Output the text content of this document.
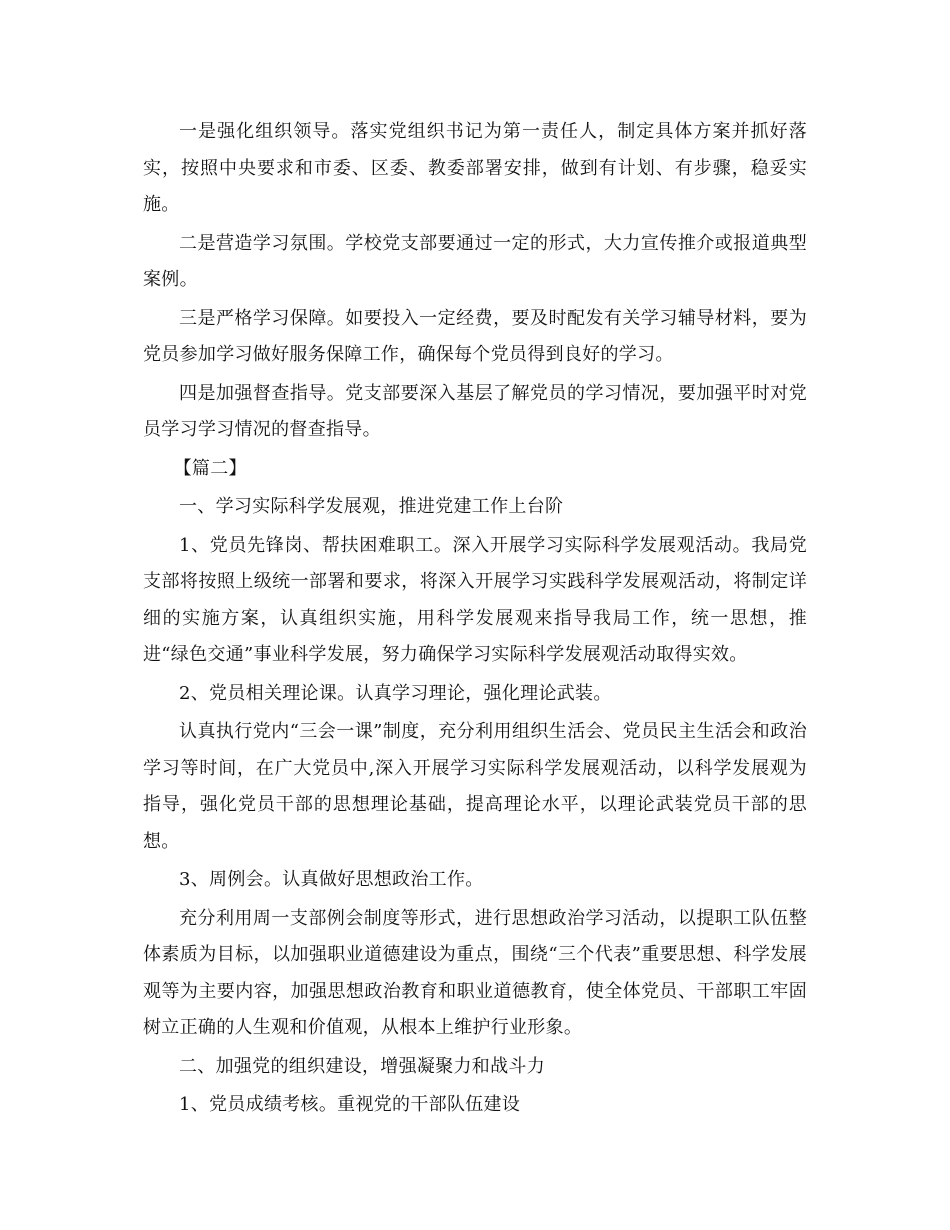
一是强化组织领导。落实党组织书记为第一责任人，制定具体方案并抓好落实，按照中央要求和市委、区委、教委部署安排，做到有计划、有步骤，稳妥实施。

二是营造学习氛围。学校党支部要通过一定的形式，大力宣传推介或报道典型案例。

三是严格学习保障。如要投入一定经费，要及时配发有关学习辅导材料，要为党员参加学习做好服务保障工作，确保每个党员得到良好的学习。

四是加强督查指导。党支部要深入基层了解党员的学习情况，要加强平时对党员学习学习情况的督查指导。

【篇二】

一、学习实际科学发展观，推进党建工作上台阶

1、党员先锋岗、帮扶困难职工。深入开展学习实际科学发展观活动。我局党支部将按照上级统一部署和要求，将深入开展学习实践科学发展观活动，将制定详细的实施方案，认真组织实施，用科学发展观来指导我局工作，统一思想，推进“绿色交通”事业科学发展，努力确保学习实际科学发展观活动取得实效。

2、党员相关理论课。认真学习理论，强化理论武装。

认真执行党内“三会一课”制度，充分利用组织生活会、党员民主生活会和政治学习等时间，在广大党员中,深入开展学习实际科学发展观活动，以科学发展观为指导，强化党员干部的思想理论基础，提高理论水平，以理论武装党员干部的思想。

3、周例会。认真做好思想政治工作。

充分利用周一支部例会制度等形式，进行思想政治学习活动，以提职工队伍整体素质为目标，以加强职业道德建设为重点，围绕“三个代表”重要思想、科学发展观等为主要内容，加强思想政治教育和职业道德教育，使全体党员、干部职工牢固树立正确的人生观和价值观，从根本上维护行业形象。

二、加强党的组织建设，增强凝聚力和战斗力

1、党员成绩考核。重视党的干部队伍建设
